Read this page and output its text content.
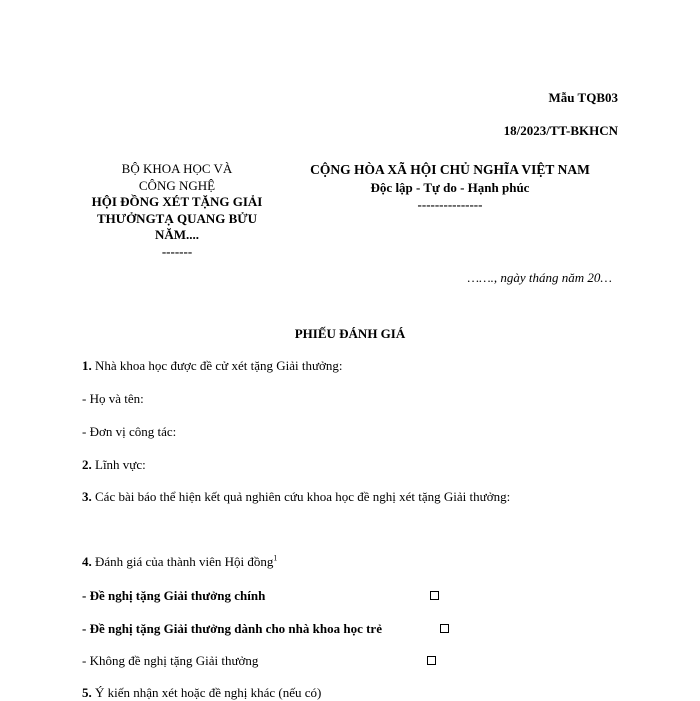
Mẫu TQB03
18/2023/TT-BKHCN
BỘ KHOA HỌC VÀ
CÔNG NGHỆ
HỘI ĐỒNG XÉT TẶNG GIẢI
THƯỞNGTẠ QUANG BỬU
NĂM....
-------
CỘNG HÒA XÃ HỘI CHỦ NGHĨA VIỆT NAM
Độc lập - Tự do - Hạnh phúc
---------------
……., ngày tháng năm 20…
PHIẾU ĐÁNH GIÁ
1. Nhà khoa học được đề cử xét tặng Giải thưởng:
- Họ và tên:
- Đơn vị công tác:
2. Lĩnh vực:
3. Các bài báo thể hiện kết quả nghiên cứu khoa học đề nghị xét tặng Giải thưởng:
4. Đánh giá của thành viên Hội đồng$^1$
- Đề nghị tặng Giải thưởng chính
- Đề nghị tặng Giải thưởng dành cho nhà khoa học trẻ
- Không đề nghị tặng Giải thưởng
5. Ý kiến nhận xét hoặc đề nghị khác (nếu có)
